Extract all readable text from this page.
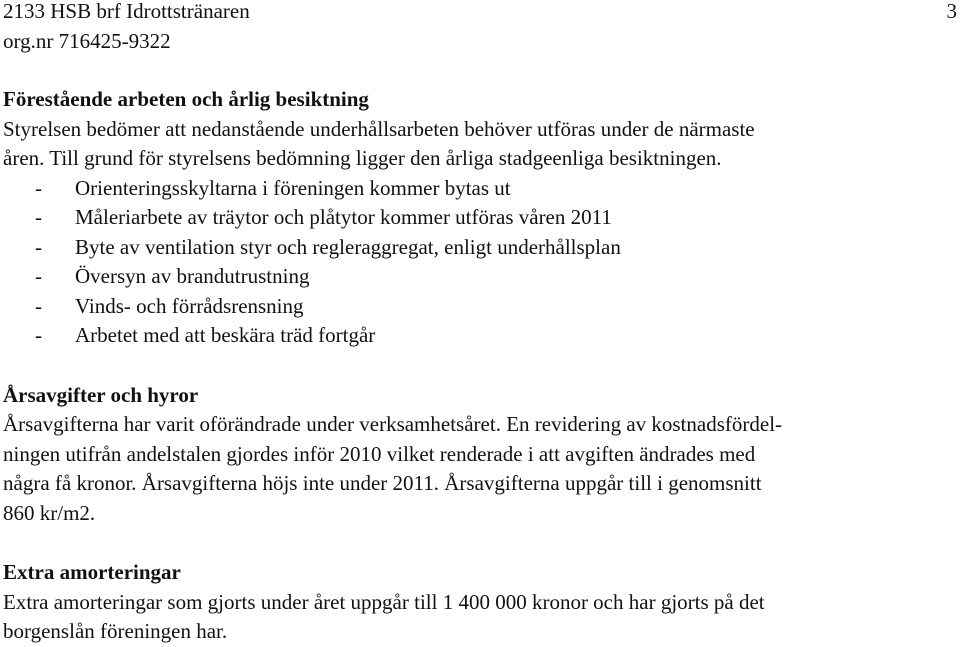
2133 HSB brf Idrottstränaren	3
org.nr 716425-9322
Förestående arbeten och årlig besiktning
Styrelsen bedömer att nedanstående underhållsarbeten behöver utföras under de närmaste
åren. Till grund för styrelsens bedömning ligger den årliga stadgeenliga besiktningen.
-	Orienteringsskyltarna i föreningen kommer bytas ut
-	Måleriarbete av träytor och plåtytor kommer utföras våren 2011
-	Byte av ventilation styr och regleraggregat, enligt underhållsplan
-	Översyn av brandutrustning
-	Vinds- och förrådsrensning
-	Arbetet med att beskära träd fortgår
Årsavgifter och hyror
Årsavgifterna har varit oförändrade under verksamhetsåret. En revidering av kostnadsfördel-
ningen utifrån andelstalen gjordes inför 2010 vilket renderade i att avgiften ändrades med
några få kronor. Årsavgifterna höjs inte under 2011. Årsavgifterna uppgår till i genomsnitt
860 kr/m2.
Extra amorteringar
Extra amorteringar som gjorts under året uppgår till 1 400 000 kronor och har gjorts på det
borgenslån föreningen har.
